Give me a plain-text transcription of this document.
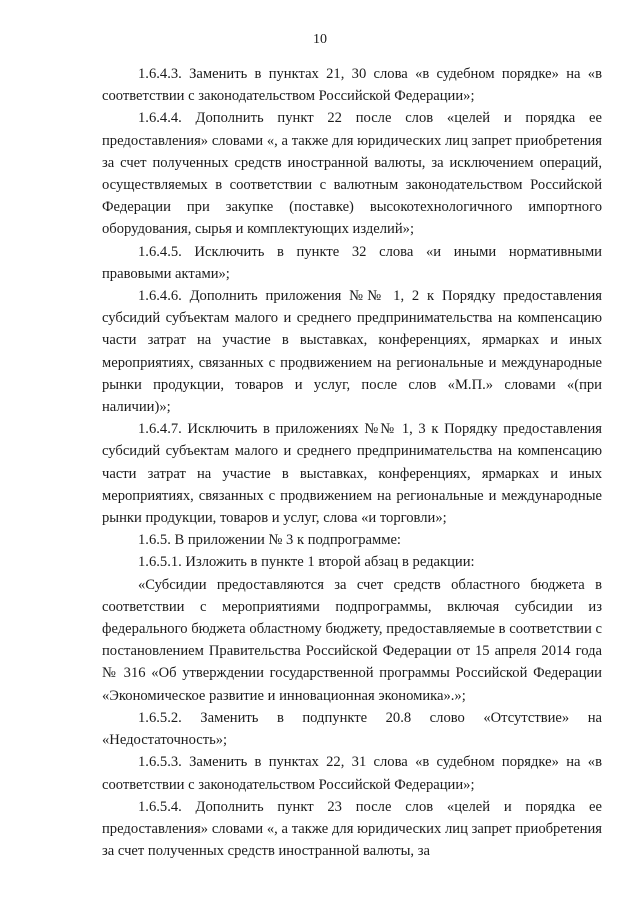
10

1.6.4.3. Заменить в пунктах 21, 30 слова «в судебном порядке» на «в соответствии с законодательством Российской Федерации»;

1.6.4.4. Дополнить пункт 22 после слов «целей и порядка ее предоставления» словами «, а также для юридических лиц запрет приобретения за счет полученных средств иностранной валюты, за исключением операций, осуществляемых в соответствии с валютным законодательством Российской Федерации при закупке (поставке) высокотехнологичного импортного оборудования, сырья и комплектующих изделий»;

1.6.4.5. Исключить в пункте 32 слова «и иными нормативными правовыми актами»;

1.6.4.6. Дополнить приложения №№ 1, 2 к Порядку предоставления субсидий субъектам малого и среднего предпринимательства на компенсацию части затрат на участие в выставках, конференциях, ярмарках и иных мероприятиях, связанных с продвижением на региональные и международные рынки продукции, товаров и услуг, после слов «М.П.» словами «(при наличии)»;

1.6.4.7. Исключить в приложениях №№ 1, 3 к Порядку предоставления субсидий субъектам малого и среднего предпринимательства на компенсацию части затрат на участие в выставках, конференциях, ярмарках и иных мероприятиях, связанных с продвижением на региональные и международные рынки продукции, товаров и услуг, слова «и торговли»;

1.6.5. В приложении № 3 к подпрограмме:

1.6.5.1. Изложить в пункте 1 второй абзац в редакции:

«Субсидии предоставляются за счет средств областного бюджета в соответствии с мероприятиями подпрограммы, включая субсидии из федерального бюджета областному бюджету, предоставляемые в соответствии с постановлением Правительства Российской Федерации от 15 апреля 2014 года № 316 «Об утверждении государственной программы Российской Федерации «Экономическое развитие и инновационная экономика».»;

1.6.5.2. Заменить в подпункте 20.8 слово «Отсутствие» на «Недостаточность»;

1.6.5.3. Заменить в пунктах 22, 31 слова «в судебном порядке» на «в соответствии с законодательством Российской Федерации»;

1.6.5.4. Дополнить пункт 23 после слов «целей и порядка ее предоставления» словами «, а также для юридических лиц запрет приобретения за счет полученных средств иностранной валюты, за
